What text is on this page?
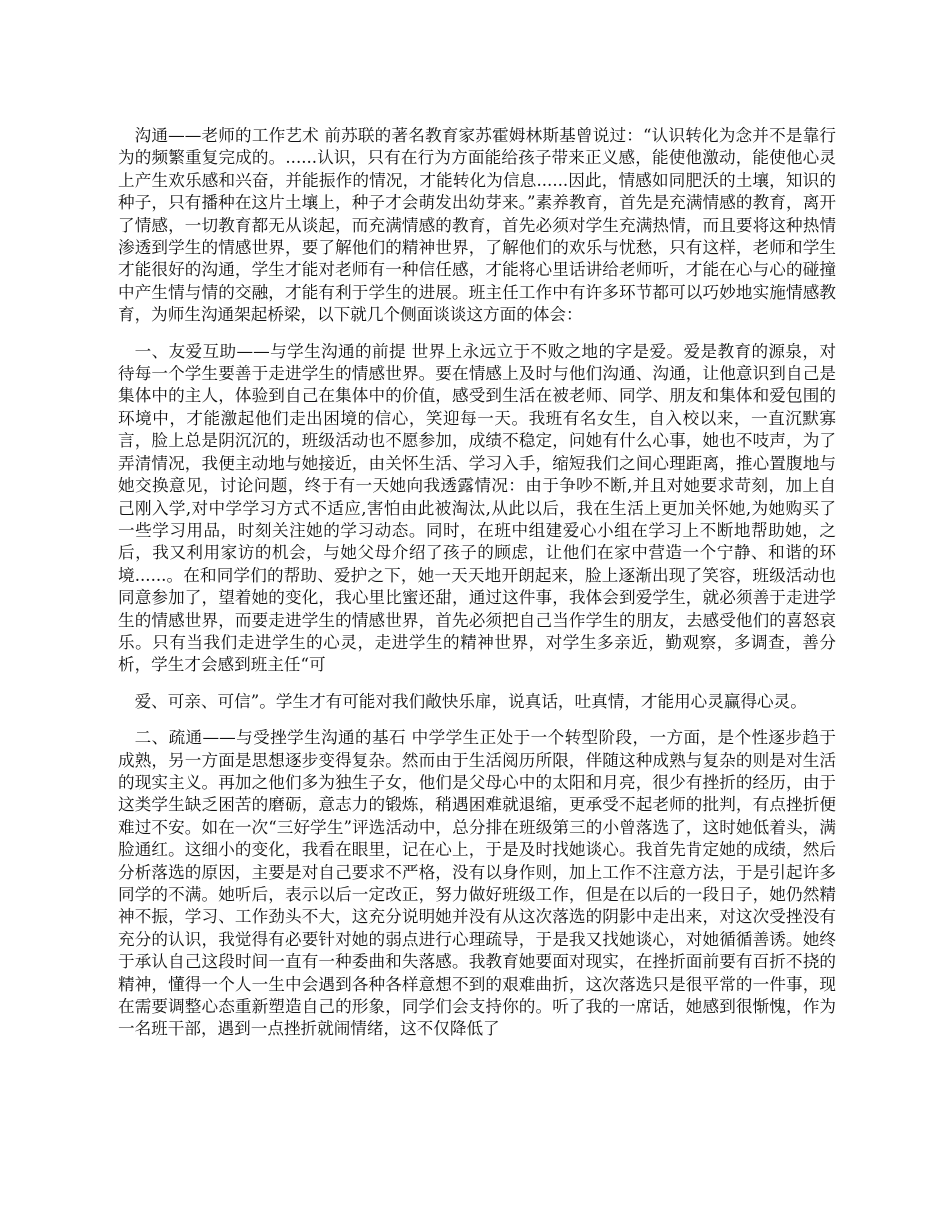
沟通——老师的工作艺术 前苏联的著名教育家苏霍姆林斯基曾说过：“认识转化为念并不是靠行为的频繁重复完成的。......认识，只有在行为方面能给孩子带来正义感，能使他激动，能使他心灵上产生欢乐感和兴奋，并能振作的情况，才能转化为信息......因此，情感如同肥沃的土壤，知识的种子，只有播种在这片土壤上，种子才会萌发出幼芽来。”素养教育，首先是充满情感的教育，离开了情感，一切教育都无从谈起，而充满情感的教育，首先必须对学生充满热情，而且要将这种热情渗透到学生的情感世界，要了解他们的精神世界，了解他们的欢乐与忧愁，只有这样，老师和学生才能很好的沟通，学生才能对老师有一种信任感，才能将心里话讲给老师听，才能在心与心的碰撞中产生情与情的交融，才能有利于学生的进展。班主任工作中有许多环节都可以巧妙地实施情感教育，为师生沟通架起桥梁，以下就几个侧面谈谈这方面的体会：

一、友爱互助——与学生沟通的前提 世界上永远立于不败之地的字是爱。爱是教育的源泉，对待每一个学生要善于走进学生的情感世界。要在情感上及时与他们沟通、沟通，让他意识到自己是集体中的主人，体验到自己在集体中的价值，感受到生活在被老师、同学、朋友和集体和爱包围的环境中，才能激起他们走出困境的信心，笑迎每一天。我班有名女生，自入校以来，一直沉默寡言，脸上总是阴沉沉的，班级活动也不愿参加，成绩不稳定，问她有什么心事，她也不吱声，为了弄清情况，我便主动地与她接近，由关怀生活、学习入手，缩短我们之间心理距离，推心置腹地与她交换意见，讨论问题，终于有一天她向我透露情况：由于争吵不断,并且对她要求苛刻，加上自己刚入学,对中学学习方式不适应,害怕由此被淘汰,从此以后，我在生活上更加关怀她,为她购买了一些学习用品，时刻关注她的学习动态。同时，在班中组建爱心小组在学习上不断地帮助她，之后，我又利用家访的机会，与她父母介绍了孩子的顾虑，让他们在家中营造一个宁静、和谐的环境......。在和同学们的帮助、爱护之下，她一天天地开朗起来，脸上逐渐出现了笑容，班级活动也同意参加了，望着她的变化，我心里比蜜还甜，通过这件事，我体会到爱学生，就必须善于走进学生的情感世界，而要走进学生的情感世界，首先必须把自己当作学生的朋友，去感受他们的喜怒哀乐。只有当我们走进学生的心灵，走进学生的精神世界，对学生多亲近，勤观察，多调查，善分析，学生才会感到班主任“可

爱、可亲、可信”。学生才有可能对我们敞快乐扉，说真话，吐真情，才能用心灵赢得心灵。

二、疏通——与受挫学生沟通的基石 中学学生正处于一个转型阶段，一方面，是个性逐步趋于成熟，另一方面是思想逐步变得复杂。然而由于生活阅历所限，伴随这种成熟与复杂的则是对生活的现实主义。再加之他们多为独生子女，他们是父母心中的太阳和月亮，很少有挫折的经历，由于这类学生缺乏困苦的磨砺，意志力的锻炼，稍遇困难就退缩，更承受不起老师的批判，有点挫折便难过不安。如在一次“三好学生”评选活动中，总分排在班级第三的小曾落选了，这时她低着头，满脸通红。这细小的变化，我看在眼里，记在心上，于是及时找她谈心。我首先肯定她的成绩，然后分析落选的原因，主要是对自己要求不严格，没有以身作则，加上工作不注意方法，于是引起许多同学的不满。她听后，表示以后一定改正，努力做好班级工作，但是在以后的一段日子，她仍然精神不振，学习、工作劲头不大，这充分说明她并没有从这次落选的阴影中走出来，对这次受挫没有充分的认识，我觉得有必要针对她的弱点进行心理疏导，于是我又找她谈心，对她循循善诱。她终于承认自己这段时间一直有一种委曲和失落感。我教育她要面对现实，在挫折面前要有百折不挠的精神，懂得一个人一生中会遇到各种各样意想不到的艰难曲折，这次落选只是很平常的一件事，现在需要调整心态重新塑造自己的形象，同学们会支持你的。听了我的一席话，她感到很惭愧，作为一名班干部，遇到一点挫折就闹情绪，这不仅降低了
